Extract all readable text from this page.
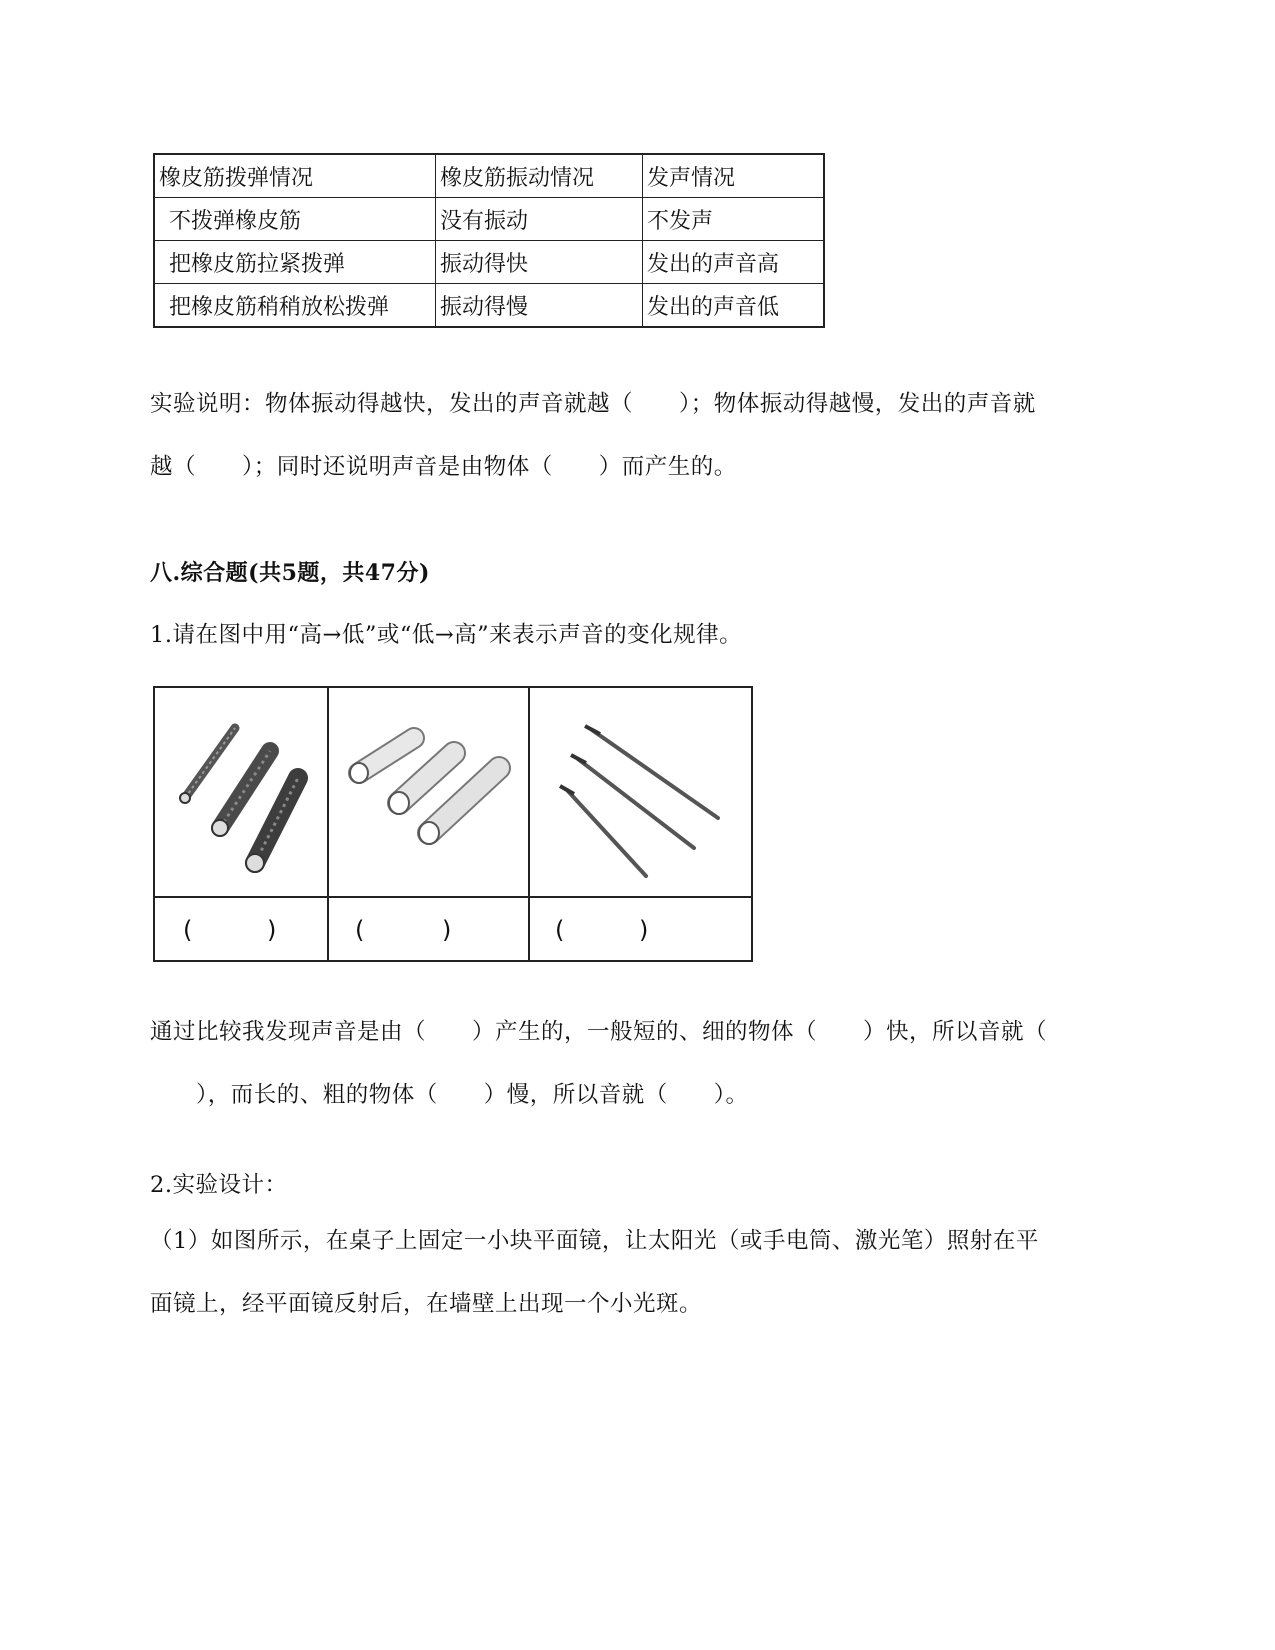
橡皮筋拨弹情况	橡皮筋振动情况	发声情况
不拨弹橡皮筋	没有振动	不发声
把橡皮筋拉紧拨弹	振动得快	发出的声音高
把橡皮筋稍稍放松拨弹	振动得慢	发出的声音低
实验说明：物体振动得越快，发出的声音就越（　　）；物体振动得越慢，发出的声音就
越（　　）；同时还说明声音是由物体（　　）而产生的。
八.综合题(共5题，共47分)
1.请在图中用“高→低”或“低→高”来表示声音的变化规律。
(	)	(	)	(	)
通过比较我发现声音是由（　　）产生的，一般短的、细的物体（　　）快，所以音就（
　　），而长的、粗的物体（　　）慢，所以音就（　　）。
2.实验设计：
（1）如图所示，在桌子上固定一小块平面镜，让太阳光（或手电筒、激光笔）照射在平
面镜上，经平面镜反射后，在墙壁上出现一个小光斑。
